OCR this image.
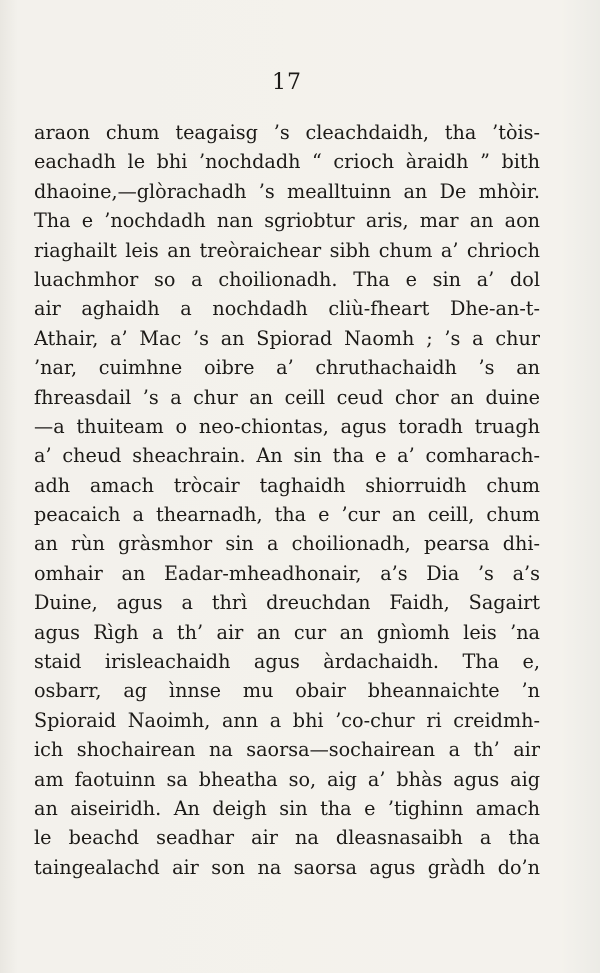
17
araon chum teagaisg ’s cleachdaidh, tha ’tòis-
eachadh le bhi ’nochdadh “ crioch àraidh ” bith
dhaoine,—glòrachadh ’s mealltuinn an De mhòir.
Tha e ’nochdadh nan sgriobtur aris, mar an aon
riaghailt leis an treòraichear sibh chum a’ chrioch
luachmhor so a choilionadh. Tha e sin a’ dol
air aghaidh a nochdadh cliù-fheart Dhe-an-t-
Athair, a’ Mac ’s an Spiorad Naomh ; ’s a chur
’nar, cuimhne oibre a’ chruthachaidh ’s an
fhreasdail ’s a chur an ceill ceud chor an duine
—a thuiteam o neo-chiontas, agus toradh truagh
a’ cheud sheachrain. An sin tha e a’ comharach-
adh amach tròcair taghaidh shiorruidh chum
peacaich a thearnadh, tha e ’cur an ceill, chum
an rùn gràsmhor sin a choilionadh, pearsa dhi-
omhair an Eadar-mheadhonair, a’s Dia ’s a’s
Duine, agus a thrì dreuchdan Faidh, Sagairt
agus Rìgh a th’ air an cur an gnìomh leis ’na
staid irisleachaidh agus àrdachaidh. Tha e,
osbarr, ag ìnnse mu obair bheannaichte ’n
Spioraid Naoimh, ann a bhi ’co-chur ri creidmh-
ich shochairean na saorsa—sochairean a th’ air
am faotuinn sa bheatha so, aig a’ bhàs agus aig
an aiseiridh. An deigh sin tha e ’tighinn amach
le beachd seadhar air na dleasnasaibh a tha
taingealachd air son na saorsa agus gràdh do’n
